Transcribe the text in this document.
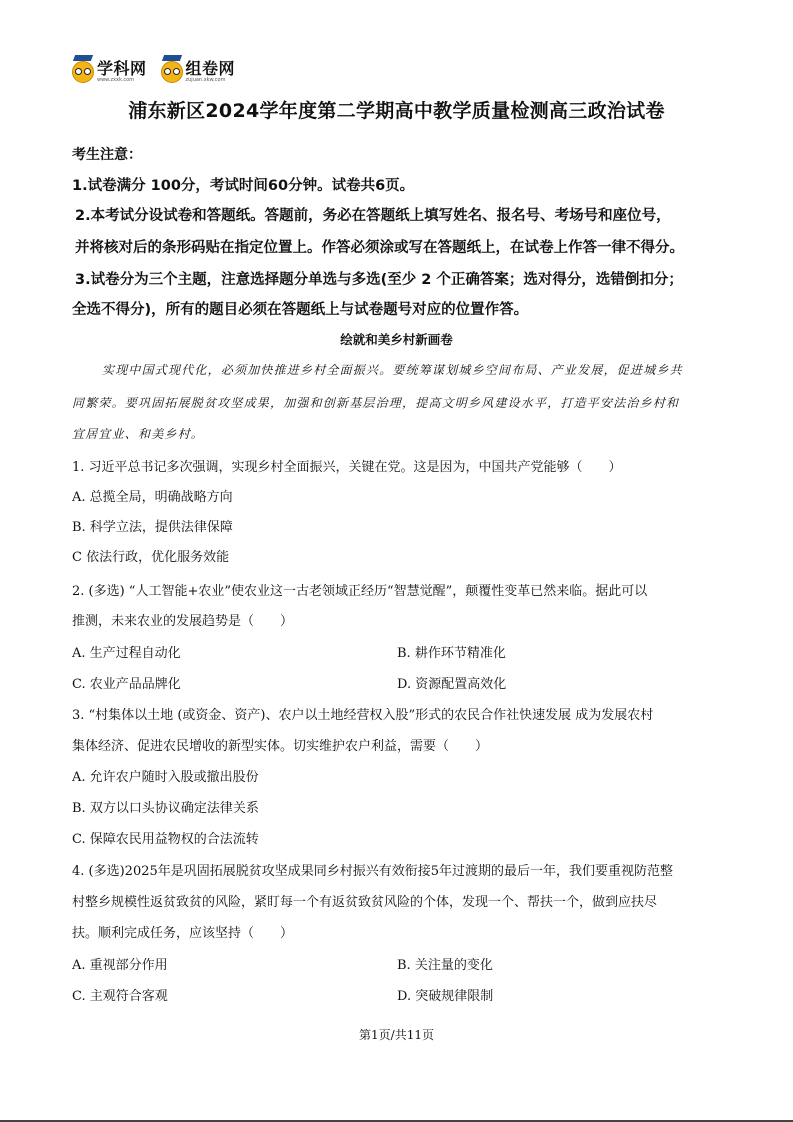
学科网
www.zxxk.com
组卷网
zujuan.xkw.com
浦东新区2024学年度第二学期高中教学质量检测高三政治试卷
考生注意：
1.试卷满分 100分，考试时间60分钟。试卷共6页。
2.本考试分设试卷和答题纸。答题前，务必在答题纸上填写姓名、报名号、考场号和座位号，
并将核对后的条形码贴在指定位置上。作答必须涂或写在答题纸上，在试卷上作答一律不得分。
3.试卷分为三个主题，注意选择题分单选与多选(至少 2 个正确答案；选对得分，选错倒扣分；
全选不得分)，所有的题目必须在答题纸上与试卷题号对应的位置作答。
绘就和美乡村新画卷
实现中国式现代化，必须加快推进乡村全面振兴。要统筹谋划城乡空间布局、产业发展，促进城乡共
同繁荣。要巩固拓展脱贫攻坚成果，加强和创新基层治理，提高文明乡风建设水平，打造平安法治乡村和
宜居宜业、和美乡村。
1. 习近平总书记多次强调，实现乡村全面振兴，关键在党。这是因为，中国共产党能够（　　）
A. 总揽全局，明确战略方向
B. 科学立法，提供法律保障
C 依法行政，优化服务效能
2. (多选) “人工智能+农业”使农业这一古老领域正经历“智慧觉醒”，颠覆性变革已然来临。据此可以
推测，未来农业的发展趋势是（　　）
A. 生产过程自动化	B. 耕作环节精准化
C. 农业产品品牌化	D. 资源配置高效化
3. “村集体以土地 (或资金、资产)、农户以土地经营权入股”形式的农民合作社快速发展 成为发展农村
集体经济、促进农民增收的新型实体。切实维护农户利益，需要（　　）
A. 允许农户随时入股或撤出股份
B. 双方以口头协议确定法律关系
C. 保障农民用益物权的合法流转
4. (多选)2025年是巩固拓展脱贫攻坚成果同乡村振兴有效衔接5年过渡期的最后一年，我们要重视防范整
村整乡规模性返贫致贫的风险，紧盯每一个有返贫致贫风险的个体，发现一个、帮扶一个，做到应扶尽
扶。顺利完成任务，应该坚持（　　）
A. 重视部分作用	B. 关注量的变化
C. 主观符合客观	D. 突破规律限制
第1页/共11页
